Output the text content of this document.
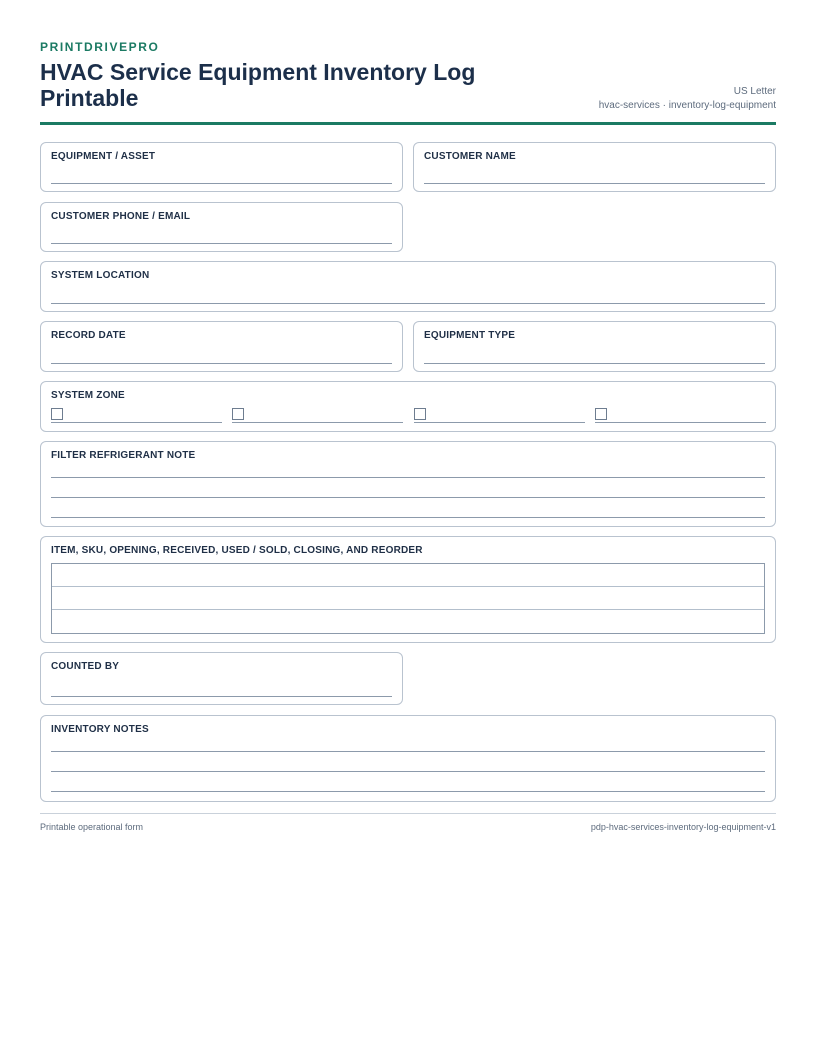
PRINTDRIVEPRO
HVAC Service Equipment Inventory Log Printable	US Letter
hvac-services · inventory-log-equipment
EQUIPMENT / ASSET	CUSTOMER NAME
CUSTOMER PHONE / EMAIL
SYSTEM LOCATION
RECORD DATE	EQUIPMENT TYPE
SYSTEM ZONE
FILTER REFRIGERANT NOTE
ITEM, SKU, OPENING, RECEIVED, USED / SOLD, CLOSING, AND REORDER
COUNTED BY
INVENTORY NOTES
Printable operational form	pdp-hvac-services-inventory-log-equipment-v1
